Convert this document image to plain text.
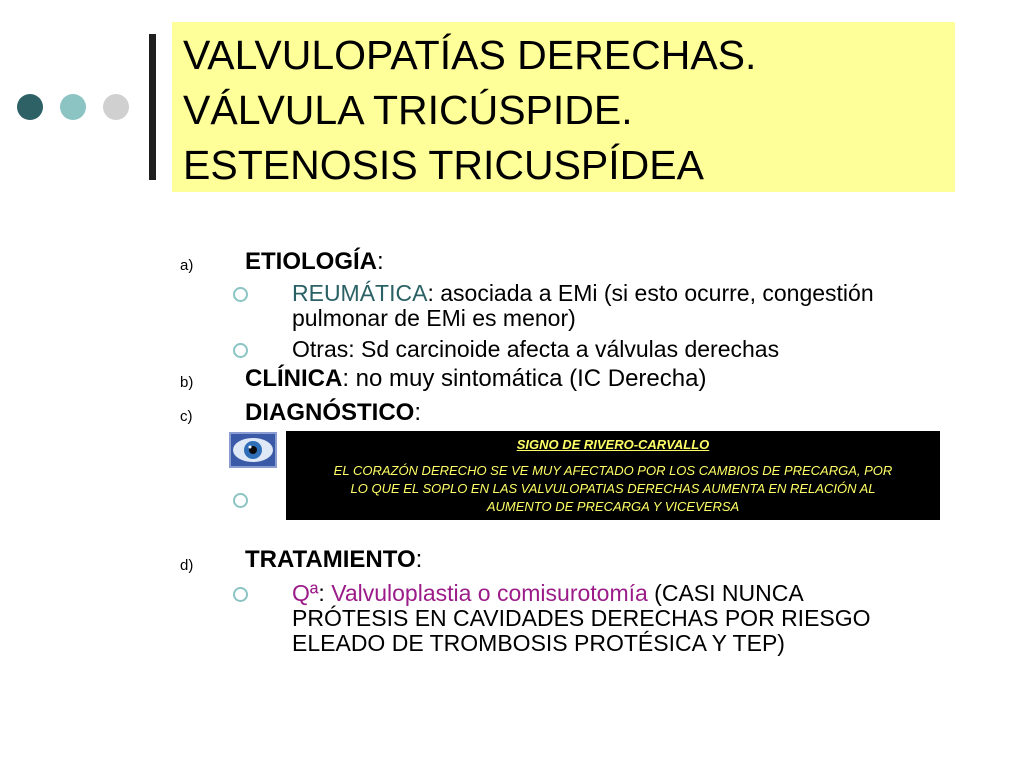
VALVULOPATÍAS DERECHAS.
VÁLVULA TRICÚSPIDE.
ESTENOSIS TRICUSPÍDEA
a) ETIOLOGÍA:
REUMÁTICA: asociada a EMi (si esto ocurre, congestión
pulmonar de EMi es menor)
Otras: Sd carcinoide afecta a válvulas derechas
b) CLÍNICA: no muy sintomática (IC Derecha)
c) DIAGNÓSTICO:
SIGNO DE RIVERO-CARVALLO
EL CORAZÓN DERECHO SE VE MUY AFECTADO POR LOS CAMBIOS DE PRECARGA, POR
LO QUE EL SOPLO EN LAS VALVULOPATIAS DERECHAS AUMENTA EN RELACIÓN AL
AUMENTO DE PRECARGA Y VICEVERSA
d) TRATAMIENTO:
Qª: Valvuloplastia o comisurotomía (CASI NUNCA
PRÓTESIS EN CAVIDADES DERECHAS POR RIESGO
ELEADO DE TROMBOSIS PROTÉSICA Y TEP)
